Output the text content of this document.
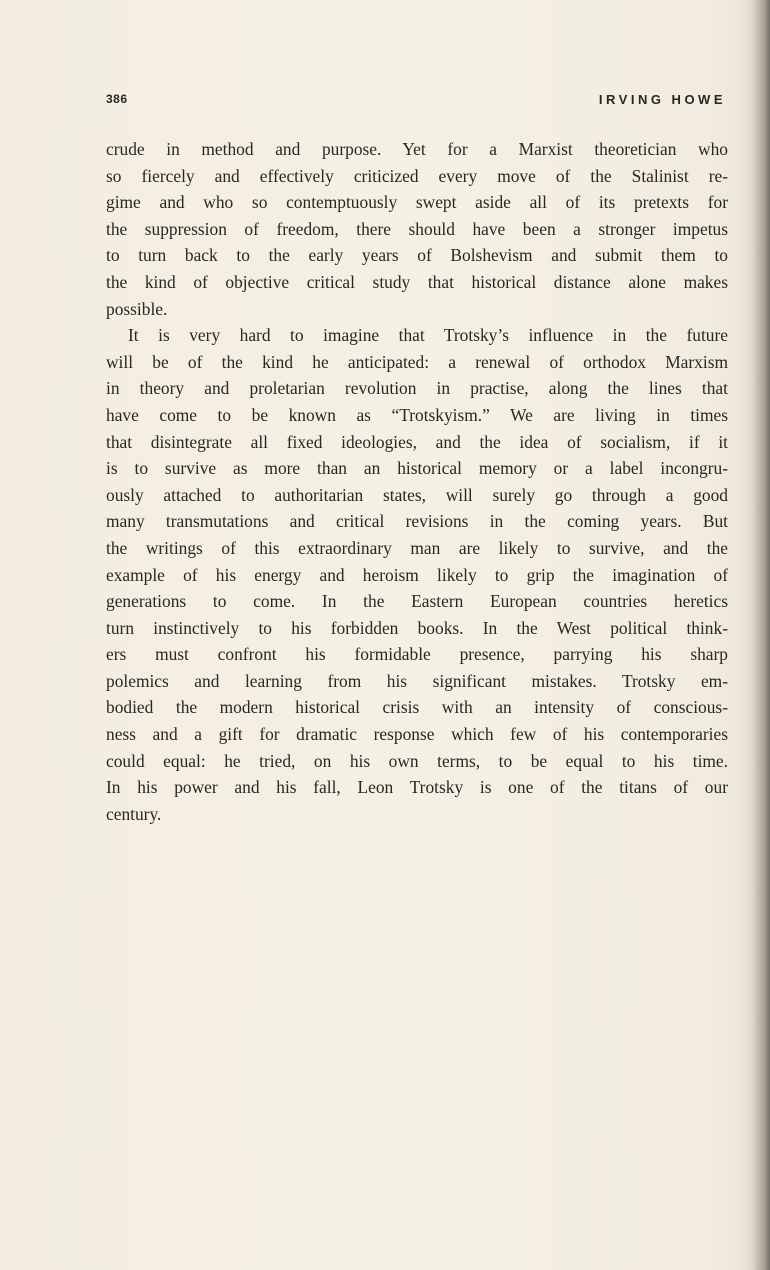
386	IRVING HOWE
crude in method and purpose. Yet for a Marxist theoretician who
so fiercely and effectively criticized every move of the Stalinist re-
gime and who so contemptuously swept aside all of its pretexts for
the suppression of freedom, there should have been a stronger impetus
to turn back to the early years of Bolshevism and submit them to
the kind of objective critical study that historical distance alone makes
possible.
It is very hard to imagine that Trotsky’s influence in the future
will be of the kind he anticipated: a renewal of orthodox Marxism
in theory and proletarian revolution in practise, along the lines that
have come to be known as “Trotskyism.” We are living in times
that disintegrate all fixed ideologies, and the idea of socialism, if it
is to survive as more than an historical memory or a label incongru-
ously attached to authoritarian states, will surely go through a good
many transmutations and critical revisions in the coming years. But
the writings of this extraordinary man are likely to survive, and the
example of his energy and heroism likely to grip the imagination of
generations to come. In the Eastern European countries heretics
turn instinctively to his forbidden books. In the West political think-
ers must confront his formidable presence, parrying his sharp
polemics and learning from his significant mistakes. Trotsky em-
bodied the modern historical crisis with an intensity of conscious-
ness and a gift for dramatic response which few of his contemporaries
could equal: he tried, on his own terms, to be equal to his time.
In his power and his fall, Leon Trotsky is one of the titans of our
century.
